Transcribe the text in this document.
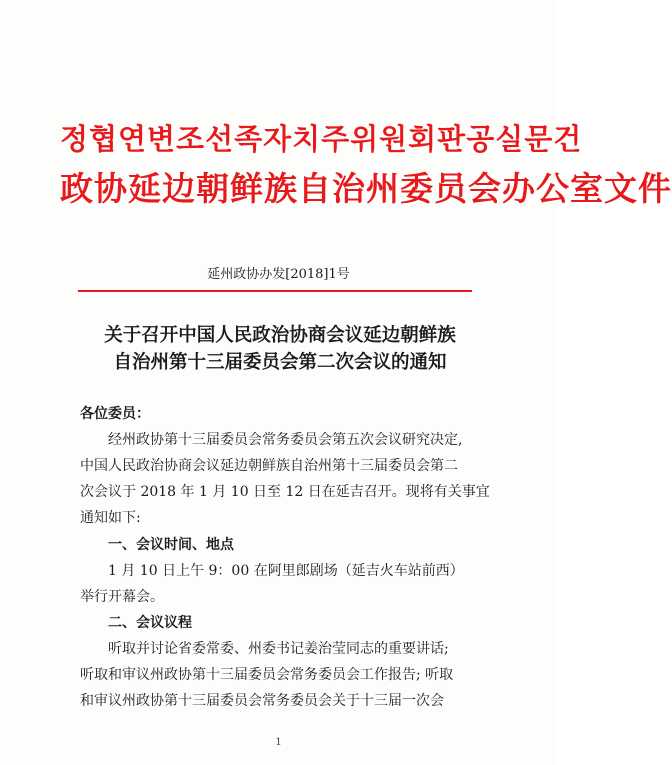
정협연변조선족자치주위원회판공실문건
政协延边朝鲜族自治州委员会办公室文件
延州政协办发[2018]1号
关于召开中国人民政治协商会议延边朝鲜族
自治州第十三届委员会第二次会议的通知
各位委员：
经州政协第十三届委员会常务委员会第五次会议研究决定,
中国人民政治协商会议延边朝鲜族自治州第十三届委员会第二
次会议于 2018 年 1 月 10 日至 12 日在延吉召开。现将有关事宜
通知如下:
一、会议时间、地点
1 月 10 日上午 9：00 在阿里郎剧场（延吉火车站前西）
举行开幕会。
二、会议议程
听取并讨论省委常委、州委书记姜治莹同志的重要讲话;
听取和审议州政协第十三届委员会常务委员会工作报告; 听取
和审议州政协第十三届委员会常务委员会关于十三届一次会
1
